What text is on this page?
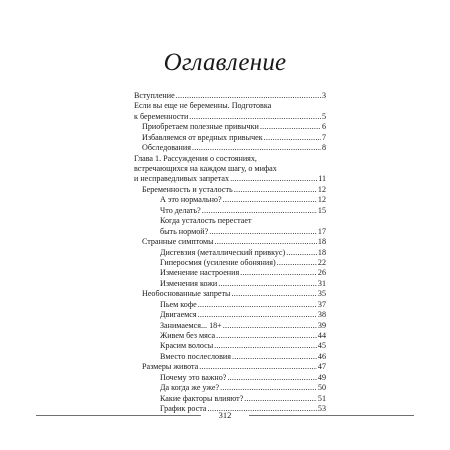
Оглавление
Вступление . . .	3
Если вы еще не беременны. Подготовка
к беременности . . .	5
Приобретаем полезные привычки . . .	6
Избавляемся от вредных привычек . . .	7
Обследования . . .	8
Глава 1. Рассуждения о состояниях,
встречающихся на каждом шагу, о мифах
и несправедливых запретах . . .	11
Беременность и усталость . . .	12
А это нормально? . . .	12
Что делать? . . .	15
Когда усталость перестает
быть нормой? . . .	17
Странные симптомы . . .	18
Дисгевзия (металлический привкус) . . .	18
Гиперосмия (усиление обоняния) . . .	22
Изменение настроения . . .	26
Изменения кожи . . .	31
Необоснованные запреты . . .	35
Пьем кофе . . .	37
Двигаемся . . .	38
Занимаемся... 18+ . . .	39
Живем без мяса . . .	44
Красим волосы . . .	45
Вместо послесловия . . .	46
Размеры живота . . .	47
Почему это важно? . . .	49
Да когда же уже? . . .	50
Какие факторы влияют? . . .	51
График роста . . .	53
312
